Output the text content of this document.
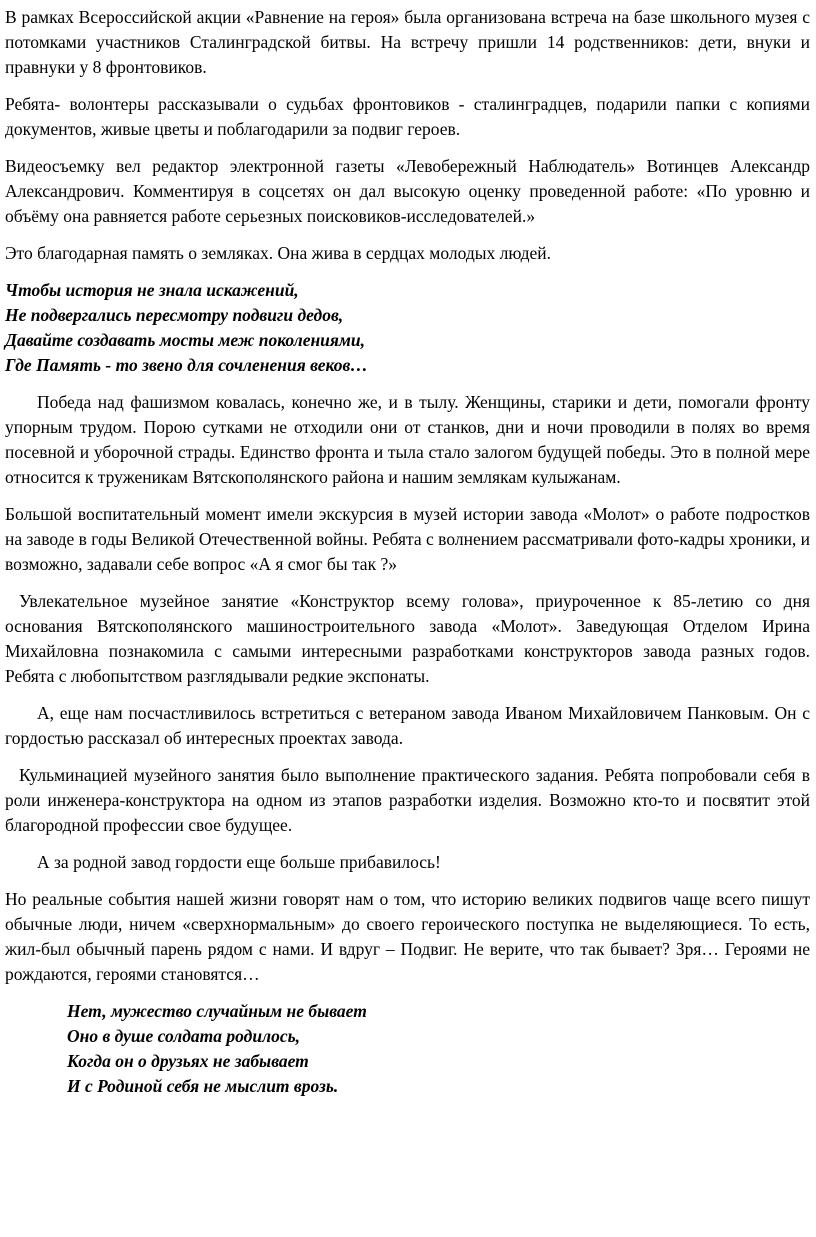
В рамках Всероссийской акции «Равнение на героя» была организована встреча на базе школьного музея с потомками участников Сталинградской битвы. На встречу пришли 14 родственников: дети, внуки и правнуки у 8 фронтовиков.

Ребята- волонтеры рассказывали о судьбах фронтовиков - сталинградцев, подарили папки с копиями документов, живые цветы и поблагодарили за подвиг героев.

Видеосъемку вел редактор электронной газеты «Левобережный Наблюдатель» Вотинцев Александр Александрович. Комментируя в соцсетях он дал высокую оценку проведенной работе: «По уровню и объёму она равняется работе серьезных поисковиков-исследователей.»

Это благодарная память о земляках. Она жива в сердцах молодых людей.

Чтобы история не знала искажений,
Не подвергались пересмотру подвиги дедов,
Давайте создавать мосты меж поколениями,
Где Память - то звено для сочленения веков…

Победа над фашизмом ковалась, конечно же, и в тылу. Женщины, старики и дети, помогали фронту упорным трудом. Порою сутками не отходили они от станков, дни и ночи проводили в полях во время посевной и уборочной страды. Единство фронта и тыла стало залогом будущей победы. Это в полной мере относится к труженикам Вятскополянского района и нашим землякам кулыжанам.

Большой воспитательный момент имели экскурсия в музей истории завода «Молот» о работе подростков на заводе в годы Великой Отечественной войны. Ребята с волнением рассматривали фото-кадры хроники, и возможно, задавали себе вопрос «А я смог бы так ?»

Увлекательное музейное занятие «Конструктор всему голова», приуроченное к 85-летию со дня основания Вятскополянского машиностроительного завода «Молот». Заведующая Отделом Ирина Михайловна познакомила с самыми интересными разработками конструкторов завода разных годов. Ребята с любопытством разглядывали редкие экспонаты.

А, еще нам посчастливилось встретиться с ветераном завода Иваном Михайловичем Панковым. Он с гордостью рассказал об интересных проектах завода.

Кульминацией музейного занятия было выполнение практического задания. Ребята попробовали себя в роли инженера-конструктора на одном из этапов разработки изделия. Возможно кто-то и посвятит этой благородной профессии свое будущее.

А за родной завод гордости еще больше прибавилось!

Но реальные события нашей жизни говорят нам о том, что историю великих подвигов чаще всего пишут обычные люди, ничем «сверхнормальным» до своего героического поступка не выделяющиеся. То есть, жил-был обычный парень рядом с нами. И вдруг – Подвиг. Не верите, что так бывает? Зря… Героями не рождаются, героями становятся…

Нет, мужество случайным не бывает
Оно в душе солдата родилось,
Когда он о друзьях не забывает
И с Родиной себя не мыслит врозь.
